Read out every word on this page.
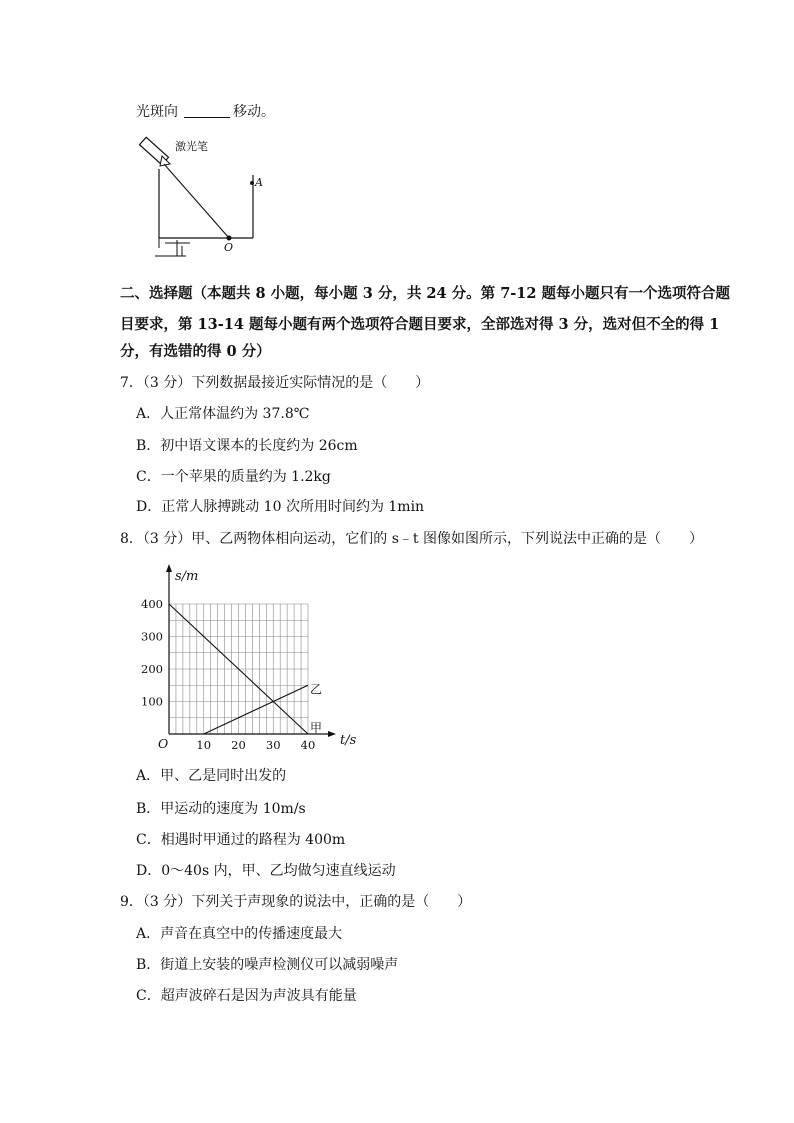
光斑向	移动。
激光笔
A
O
二、选择题（本题共 8 小题，每小题 3 分，共 24 分。第 7-12 题每小题只有一个选项符合题
目要求，第 13-14 题每小题有两个选项符合题目要求，全部选对得 3 分，选对但不全的得 1
分，有选错的得 0 分）
7．（3 分）下列数据最接近实际情况的是（　　）
A．人正常体温约为 37.8℃
B．初中语文课本的长度约为 26cm
C．一个苹果的质量约为 1.2kg
D．正常人脉搏跳动 10 次所用时间约为 1min
8．（3 分）甲、乙两物体相向运动，它们的 s﹣t 图像如图所示，下列说法中正确的是（　　）
甲
乙
10 20 30 40
100
200
300
400
O	t/s
s/m
A．甲、乙是同时出发的
B．甲运动的速度为 10m/s
C．相遇时甲通过的路程为 400m
D．0～40s 内，甲、乙均做匀速直线运动
9．（3 分）下列关于声现象的说法中，正确的是（　　）
A．声音在真空中的传播速度最大
B．街道上安装的噪声检测仪可以减弱噪声
C．超声波碎石是因为声波具有能量
